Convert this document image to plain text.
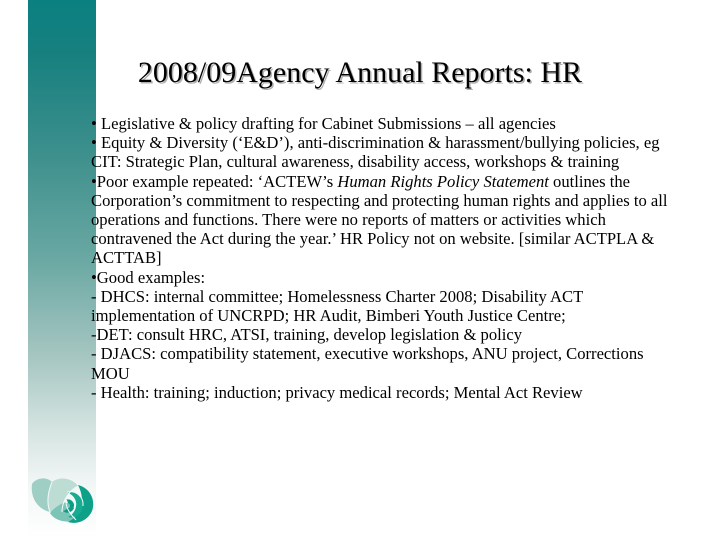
2008/09Agency Annual Reports: HR

• Legislative & policy drafting for Cabinet Submissions – all agencies

• Equity & Diversity (‘E&D’), anti-discrimination & harassment/bullying policies, eg CIT: Strategic Plan, cultural awareness, disability access, workshops & training

•Poor example repeated: ‘ACTEW’s Human Rights Policy Statement outlines the Corporation’s commitment to respecting and protecting human rights and applies to all operations and functions. There were no reports of matters or activities which contravened the Act during the year.’ HR Policy not on website. [similar ACTPLA & ACTTAB]

•Good examples:

- DHCS: internal committee; Homelessness Charter 2008; Disability ACT implementation of UNCRPD; HR Audit, Bimberi Youth Justice Centre;

-DET: consult HRC, ATSI, training, develop legislation & policy

- DJACS: compatibility statement, executive workshops, ANU project, Corrections MOU

- Health: training; induction; privacy medical records; Mental Act Review
